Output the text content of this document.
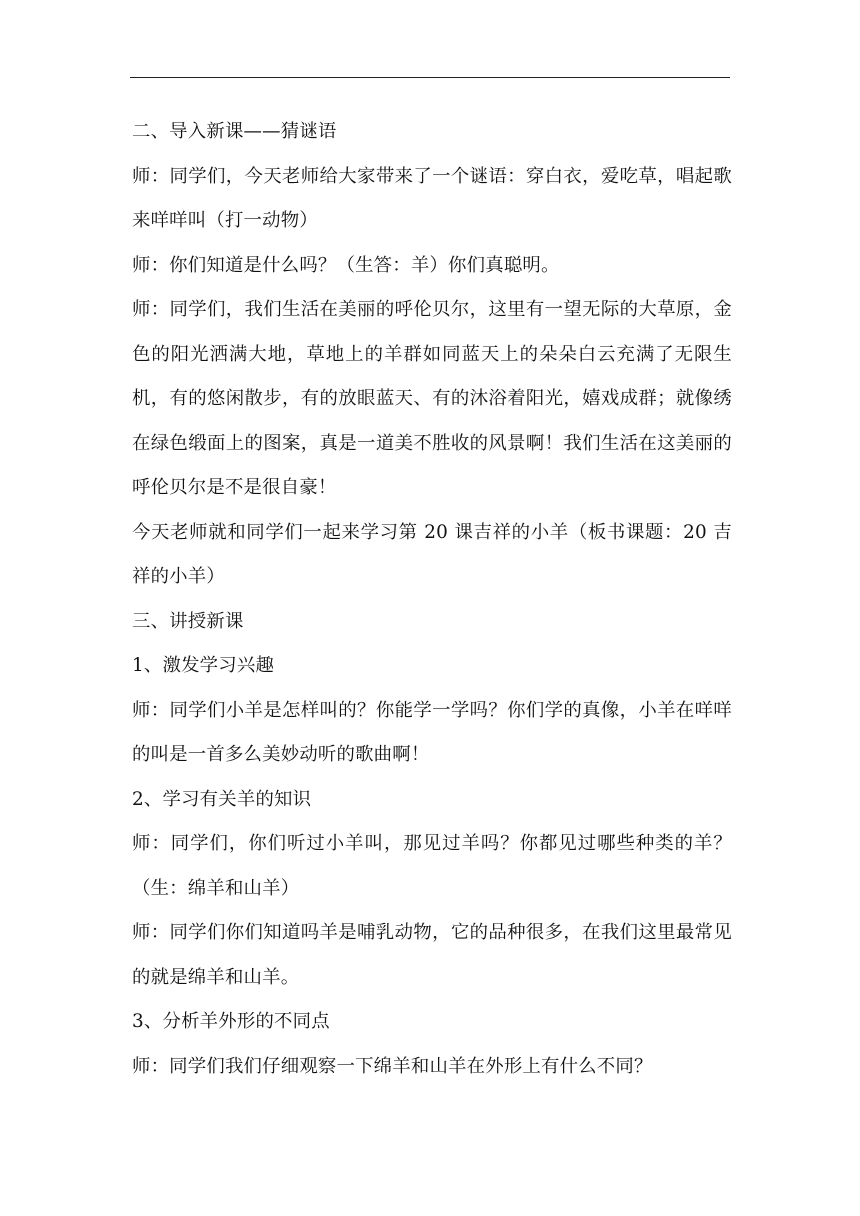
二、导入新课——猜谜语

师：同学们，今天老师给大家带来了一个谜语：穿白衣，爱吃草，唱起歌来咩咩叫（打一动物）

师：你们知道是什么吗？（生答：羊）你们真聪明。

师：同学们，我们生活在美丽的呼伦贝尔，这里有一望无际的大草原，金色的阳光洒满大地，草地上的羊群如同蓝天上的朵朵白云充满了无限生机，有的悠闲散步，有的放眼蓝天、有的沐浴着阳光，嬉戏成群；就像绣在绿色缎面上的图案，真是一道美不胜收的风景啊！我们生活在这美丽的呼伦贝尔是不是很自豪！

今天老师就和同学们一起来学习第 20 课吉祥的小羊（板书课题：20 吉祥的小羊）

三、讲授新课

1、激发学习兴趣

师：同学们小羊是怎样叫的？你能学一学吗？你们学的真像，小羊在咩咩的叫是一首多么美妙动听的歌曲啊！

2、学习有关羊的知识

师：同学们，你们听过小羊叫，那见过羊吗？你都见过哪些种类的羊？（生：绵羊和山羊）

师：同学们你们知道吗羊是哺乳动物，它的品种很多，在我们这里最常见的就是绵羊和山羊。

3、分析羊外形的不同点

师：同学们我们仔细观察一下绵羊和山羊在外形上有什么不同？
